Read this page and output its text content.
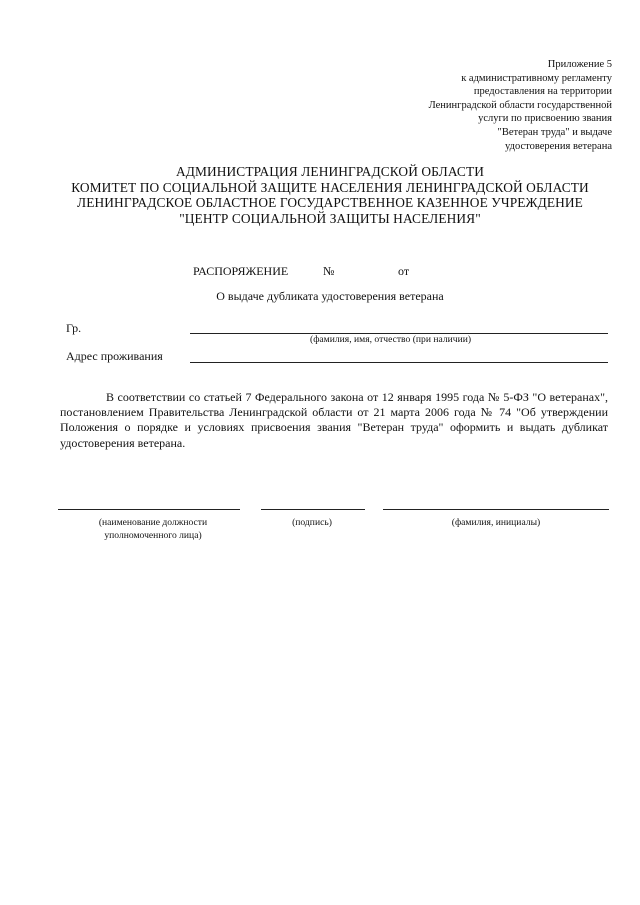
Приложение 5
к административному регламенту
предоставления на территории
Ленинградской области государственной
услуги по присвоению звания
"Ветеран труда" и выдаче
удостоверения ветерана
АДМИНИСТРАЦИЯ ЛЕНИНГРАДСКОЙ ОБЛАСТИ
КОМИТЕТ ПО СОЦИАЛЬНОЙ ЗАЩИТЕ НАСЕЛЕНИЯ ЛЕНИНГРАДСКОЙ ОБЛАСТИ
ЛЕНИНГРАДСКОЕ ОБЛАСТНОЕ ГОСУДАРСТВЕННОЕ КАЗЕННОЕ УЧРЕЖДЕНИЕ
"ЦЕНТР СОЦИАЛЬНОЙ ЗАЩИТЫ НАСЕЛЕНИЯ"
РАСПОРЯЖЕНИЕ	№	от
О выдаче дубликата удостоверения ветерана
Гр.
(фамилия, имя, отчество (при наличии)
Адрес проживания

В соответствии со статьей 7 Федерального закона от 12 января 1995 года № 5-ФЗ "О ветеранах", постановлением Правительства Ленинградской области от 21 марта 2006 года № 74 "Об утверждении Положения о порядке и условиях присвоения звания "Ветеран труда" оформить и выдать дубликат удостоверения ветерана.

(наименование должности
уполномоченного лица)
(подпись)	(фамилия, инициалы)
